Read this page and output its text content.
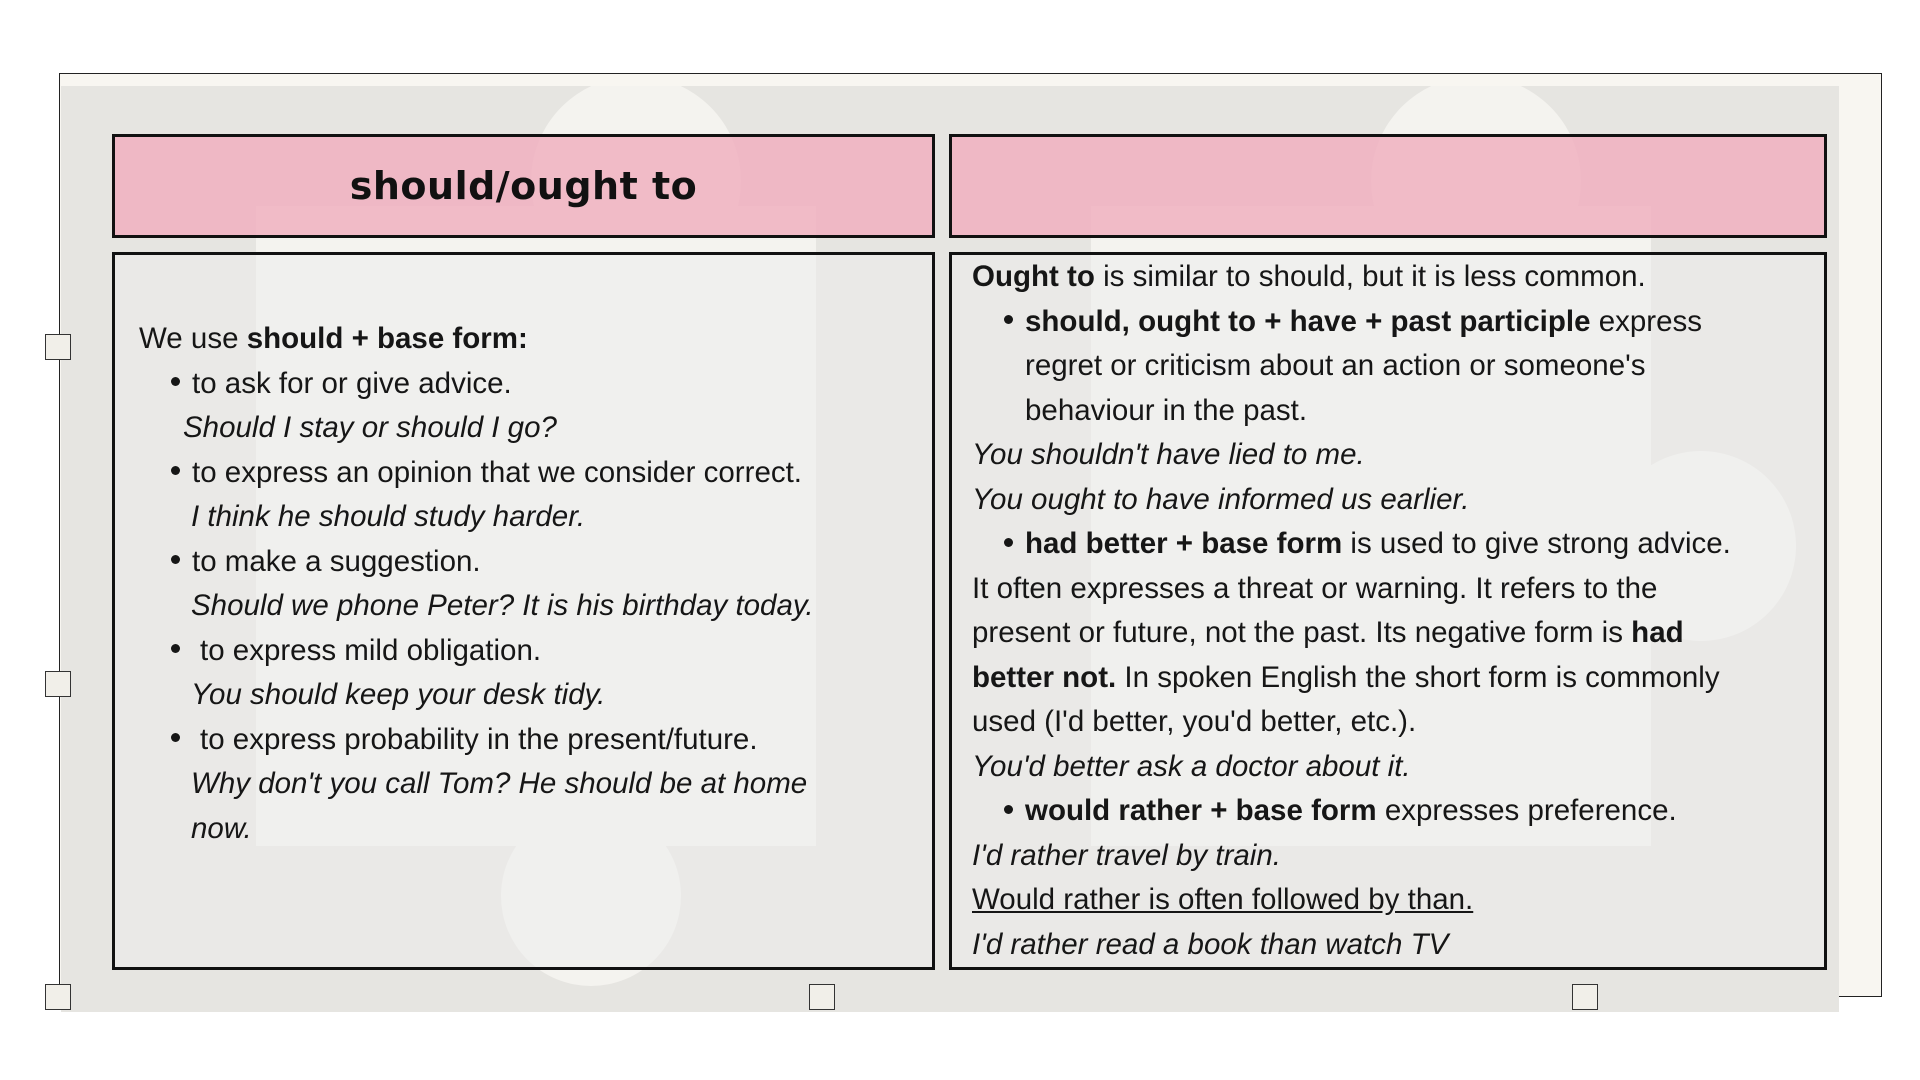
should/ought to
We use should + base form:
to ask for or give advice.
Should I stay or should I go?
to express an opinion that we consider correct.
I think he should study harder.
to make a suggestion.
Should we phone Peter? It is his birthday today.
to express mild obligation.
You should keep your desk tidy.
to express probability in the present/future.
Why don't you call Tom? He should be at home
now.
Ought to is similar to should, but it is less common.
should, ought to + have + past participle express
regret or criticism about an action or someone's
behaviour in the past.
You shouldn't have lied to me.
You ought to have informed us earlier.
had better + base form is used to give strong advice.
It often expresses a threat or warning. It refers to the
present or future, not the past. Its negative form is had
better not. In spoken English the short form is commonly
used (I'd better, you'd better, etc.).
You'd better ask a doctor about it.
would rather + base form expresses preference.
I'd rather travel by train.
Would rather is often followed by than.
I'd rather read a book than watch TV
